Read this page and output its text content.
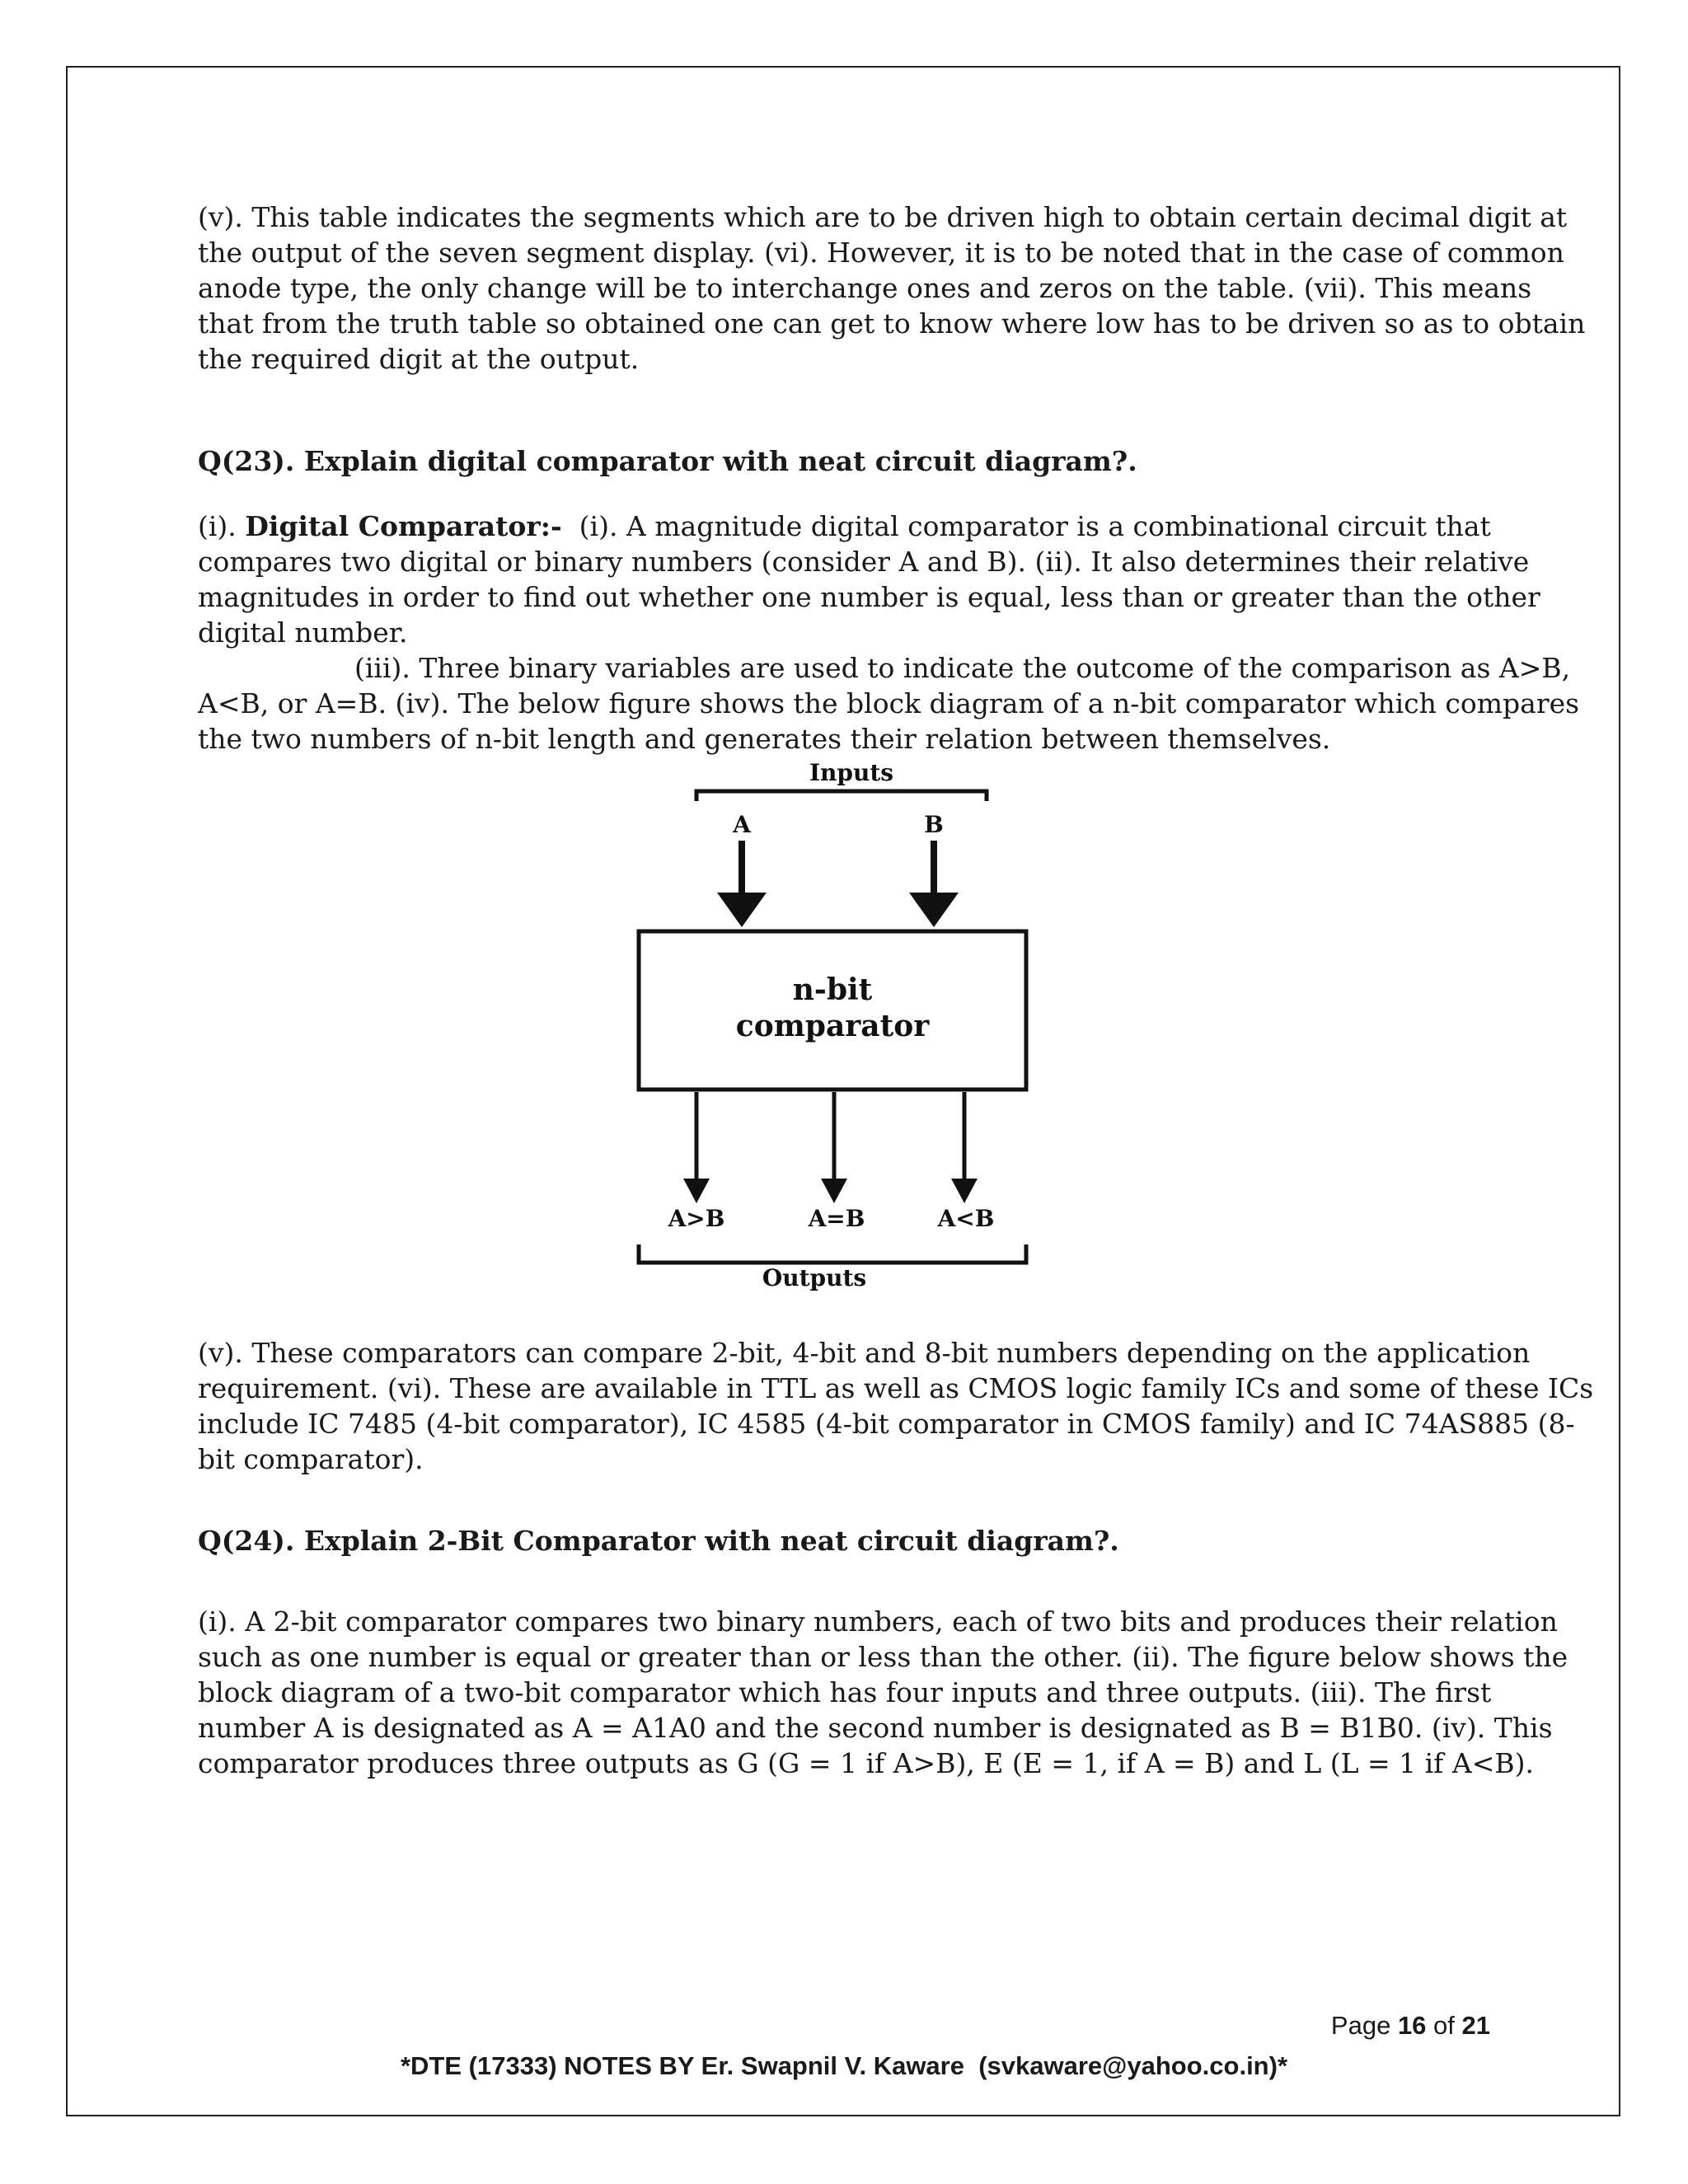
(v). This table indicates the segments which are to be driven high to obtain certain decimal digit at
the output of the seven segment display. (vi). However, it is to be noted that in the case of common
anode type, the only change will be to interchange ones and zeros on the table. (vii). This means
that from the truth table so obtained one can get to know where low has to be driven so as to obtain
the required digit at the output.

Q(23). Explain digital comparator with neat circuit diagram?.

(i). Digital Comparator:-  (i). A magnitude digital comparator is a combinational circuit that
compares two digital or binary numbers (consider A and B). (ii). It also determines their relative
magnitudes in order to find out whether one number is equal, less than or greater than the other
digital number.
(iii). Three binary variables are used to indicate the outcome of the comparison as A>B,
A<B, or A=B. (iv). The below figure shows the block diagram of a n-bit comparator which compares
the two numbers of n-bit length and generates their relation between themselves.

Inputs
A	B
n-bit
comparator
A>B	A=B	A<B
Outputs

(v). These comparators can compare 2-bit, 4-bit and 8-bit numbers depending on the application
requirement. (vi). These are available in TTL as well as CMOS logic family ICs and some of these ICs
include IC 7485 (4-bit comparator), IC 4585 (4-bit comparator in CMOS family) and IC 74AS885 (8-
bit comparator).

Q(24). Explain 2-Bit Comparator with neat circuit diagram?.

(i). A 2-bit comparator compares two binary numbers, each of two bits and produces their relation
such as one number is equal or greater than or less than the other. (ii). The figure below shows the
block diagram of a two-bit comparator which has four inputs and three outputs. (iii). The first
number A is designated as A = A1A0 and the second number is designated as B = B1B0. (iv). This
comparator produces three outputs as G (G = 1 if A>B), E (E = 1, if A = B) and L (L = 1 if A<B).

Page 16 of 21

*DTE (17333) NOTES BY Er. Swapnil V. Kaware  (svkaware@yahoo.co.in)*
